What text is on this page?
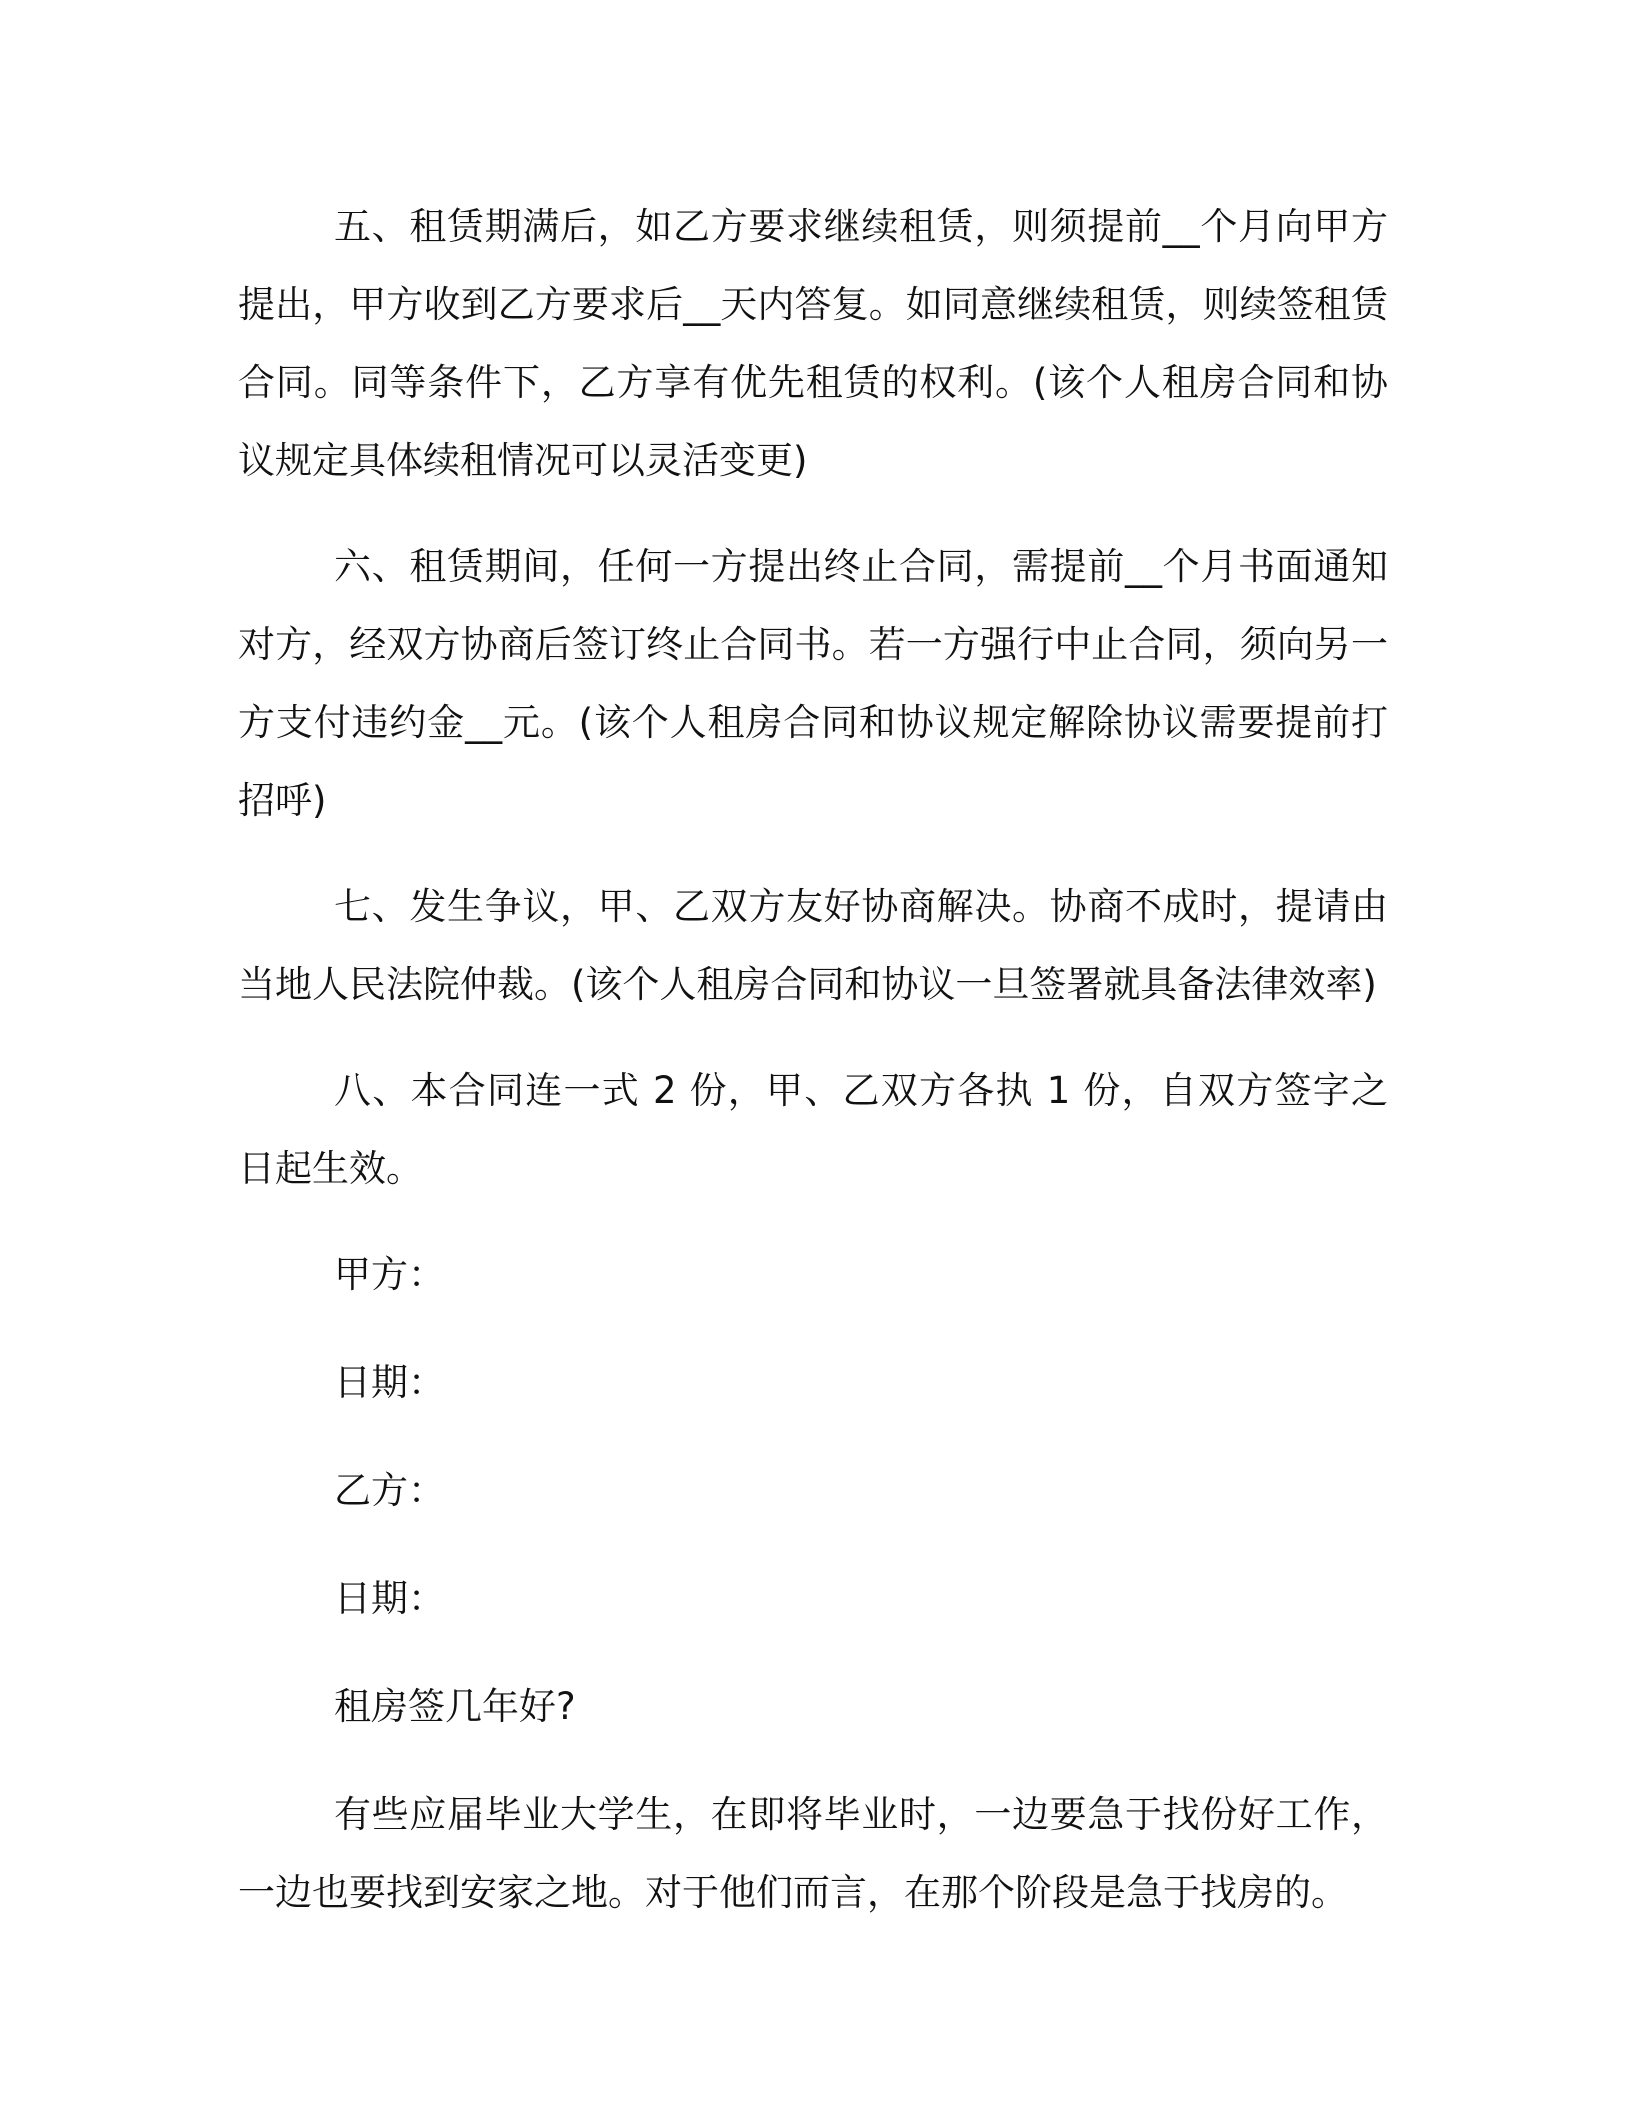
五、租赁期满后，如乙方要求继续租赁，则须提前__个月向甲方提出，甲方收到乙方要求后__天内答复。如同意继续租赁，则续签租赁合同。同等条件下，乙方享有优先租赁的权利。(该个人租房合同和协议规定具体续租情况可以灵活变更)

六、租赁期间，任何一方提出终止合同，需提前__个月书面通知对方，经双方协商后签订终止合同书。若一方强行中止合同，须向另一方支付违约金__元。(该个人租房合同和协议规定解除协议需要提前打招呼)

七、发生争议，甲、乙双方友好协商解决。协商不成时，提请由当地人民法院仲裁。(该个人租房合同和协议一旦签署就具备法律效率)

八、本合同连一式 2 份，甲、乙双方各执 1 份，自双方签字之日起生效。

甲方：
日期：
乙方：
日期：
租房签几年好?

有些应届毕业大学生，在即将毕业时，一边要急于找份好工作，一边也要找到安家之地。对于他们而言，在那个阶段是急于找房的。
